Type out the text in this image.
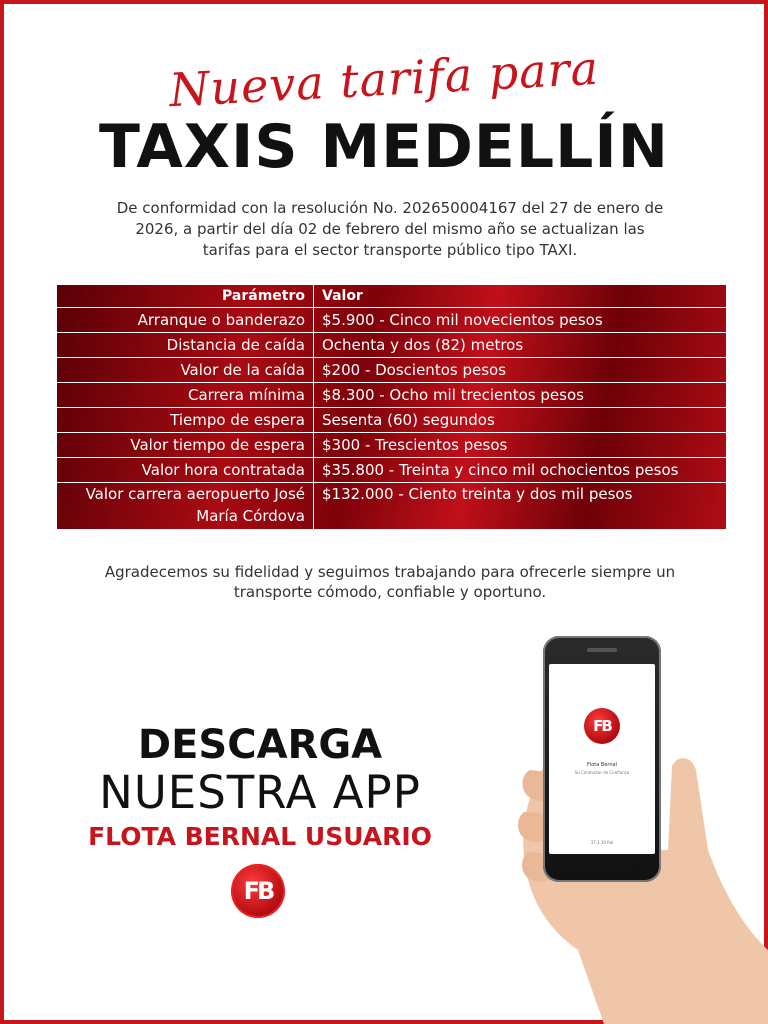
Nueva tarifa para
TAXIS MEDELLÍN
De conformidad con la resolución No. 202650004167 del 27 de enero de 2026, a partir del día 02 de febrero del mismo año se actualizan las tarifas para el sector transporte público tipo TAXI.
Parámetro	Valor
Arranque o banderazo	$5.900 - Cinco mil novecientos pesos
Distancia de caída	Ochenta y dos (82) metros
Valor de la caída	$200 - Doscientos pesos
Carrera mínima	$8.300 - Ocho mil trecientos pesos
Tiempo de espera	Sesenta (60) segundos
Valor tiempo de espera	$300 - Trescientos pesos
Valor hora contratada	$35.800 - Treinta y cinco mil ochocientos pesos
Valor carrera aeropuerto José María Córdova	$132.000 - Ciento treinta y dos mil pesos
Agradecemos su fidelidad y seguimos trabajando para ofrecerle siempre un transporte cómodo, confiable y oportuno.
DESCARGA
NUESTRA APP
FLOTA BERNAL USUARIO
FB
FB
Flota Bernal
Su Conductor de Confianza
37.3.10 Rel
